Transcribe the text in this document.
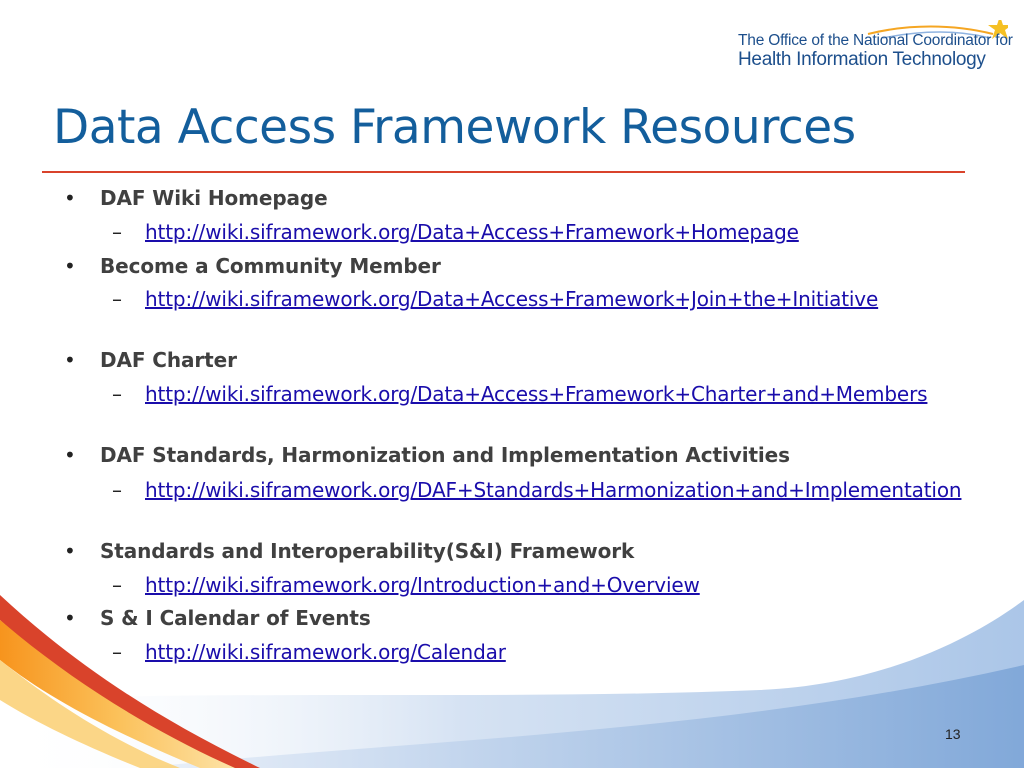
The Office of the National Coordinator for
Health Information Technology
Data Access Framework Resources
• DAF Wiki Homepage
– http://wiki.siframework.org/Data+Access+Framework+Homepage
• Become a Community Member
– http://wiki.siframework.org/Data+Access+Framework+Join+the+Initiative
• DAF Charter
– http://wiki.siframework.org/Data+Access+Framework+Charter+and+Members
• DAF Standards, Harmonization and Implementation Activities
– http://wiki.siframework.org/DAF+Standards+Harmonization+and+Implementation
• Standards and Interoperability(S&I) Framework
– http://wiki.siframework.org/Introduction+and+Overview
• S & I Calendar of Events
– http://wiki.siframework.org/Calendar
13
